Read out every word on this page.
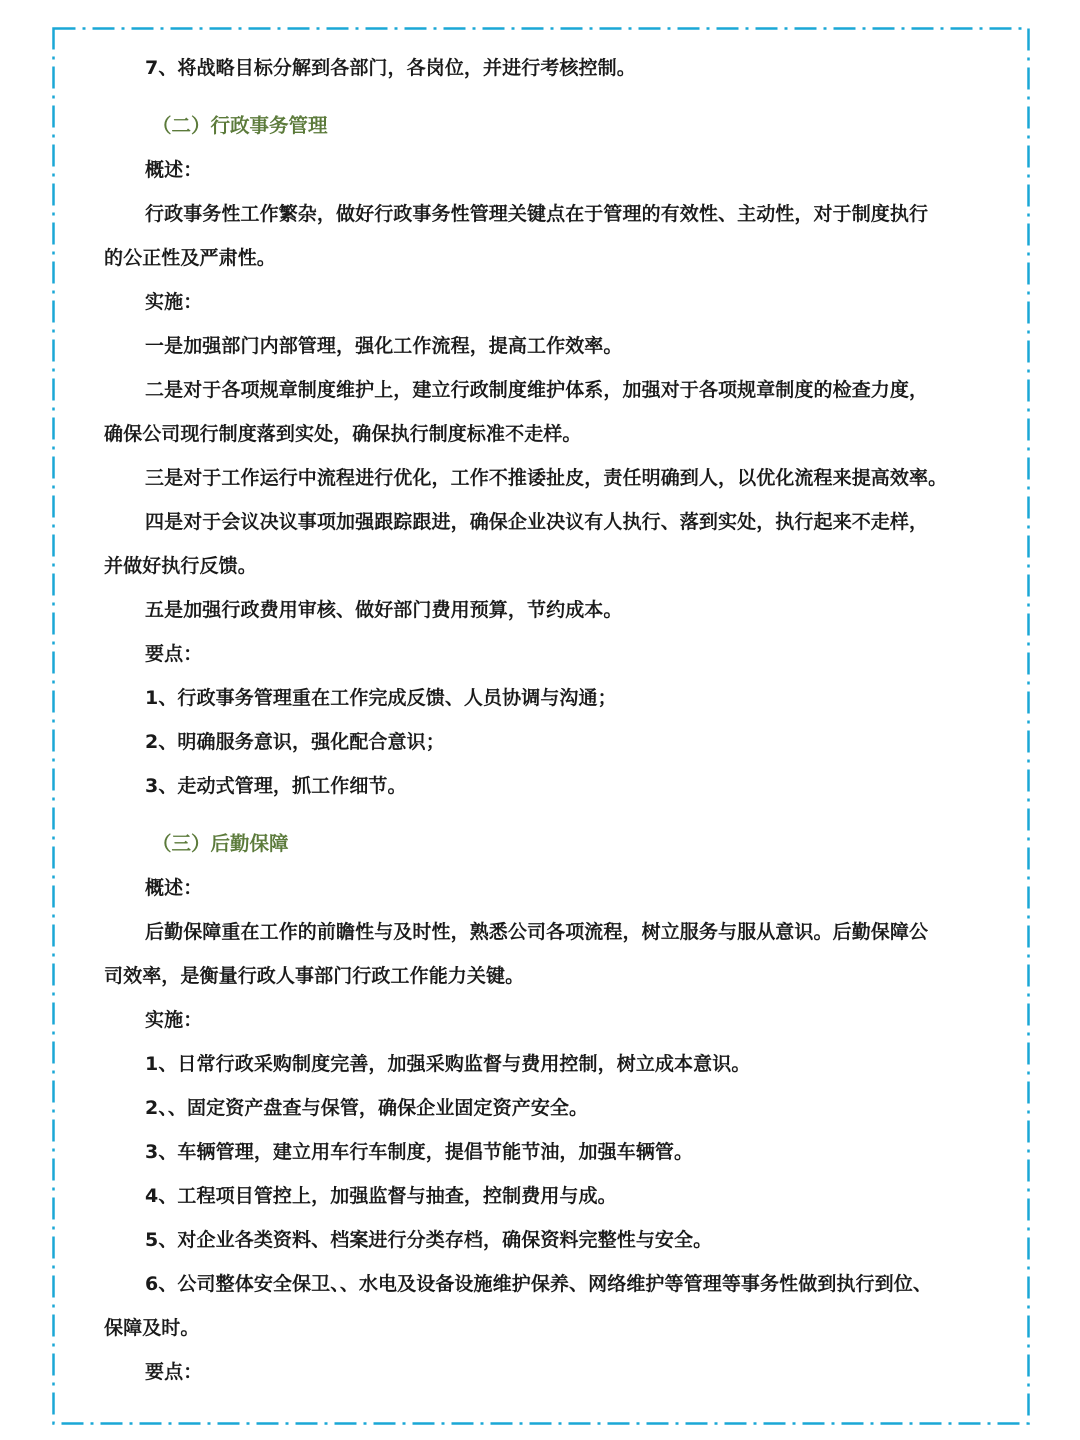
7、将战略目标分解到各部门，各岗位，并进行考核控制。
（二）行政事务管理
概述：
行政事务性工作繁杂，做好行政事务性管理关键点在于管理的有效性、主动性，对于制度执行
的公正性及严肃性。
实施：
一是加强部门内部管理，强化工作流程，提高工作效率。
二是对于各项规章制度维护上，建立行政制度维护体系，加强对于各项规章制度的检查力度，
确保公司现行制度落到实处，确保执行制度标准不走样。
三是对于工作运行中流程进行优化，工作不推诿扯皮，责任明确到人，以优化流程来提高效率。
四是对于会议决议事项加强跟踪跟进，确保企业决议有人执行、落到实处，执行起来不走样，
并做好执行反馈。
五是加强行政费用审核、做好部门费用预算，节约成本。
要点：
1、行政事务管理重在工作完成反馈、人员协调与沟通；
2、明确服务意识，强化配合意识；
3、走动式管理，抓工作细节。
（三）后勤保障
概述：
后勤保障重在工作的前瞻性与及时性，熟悉公司各项流程，树立服务与服从意识。后勤保障公
司效率，是衡量行政人事部门行政工作能力关键。
实施：
1、日常行政采购制度完善，加强采购监督与费用控制，树立成本意识。
2、、固定资产盘查与保管，确保企业固定资产安全。
3、车辆管理，建立用车行车制度，提倡节能节油，加强车辆管。
4、工程项目管控上，加强监督与抽查，控制费用与成。
5、对企业各类资料、档案进行分类存档，确保资料完整性与安全。
6、公司整体安全保卫、、水电及设备设施维护保养、网络维护等管理等事务性做到执行到位、
保障及时。
要点：
